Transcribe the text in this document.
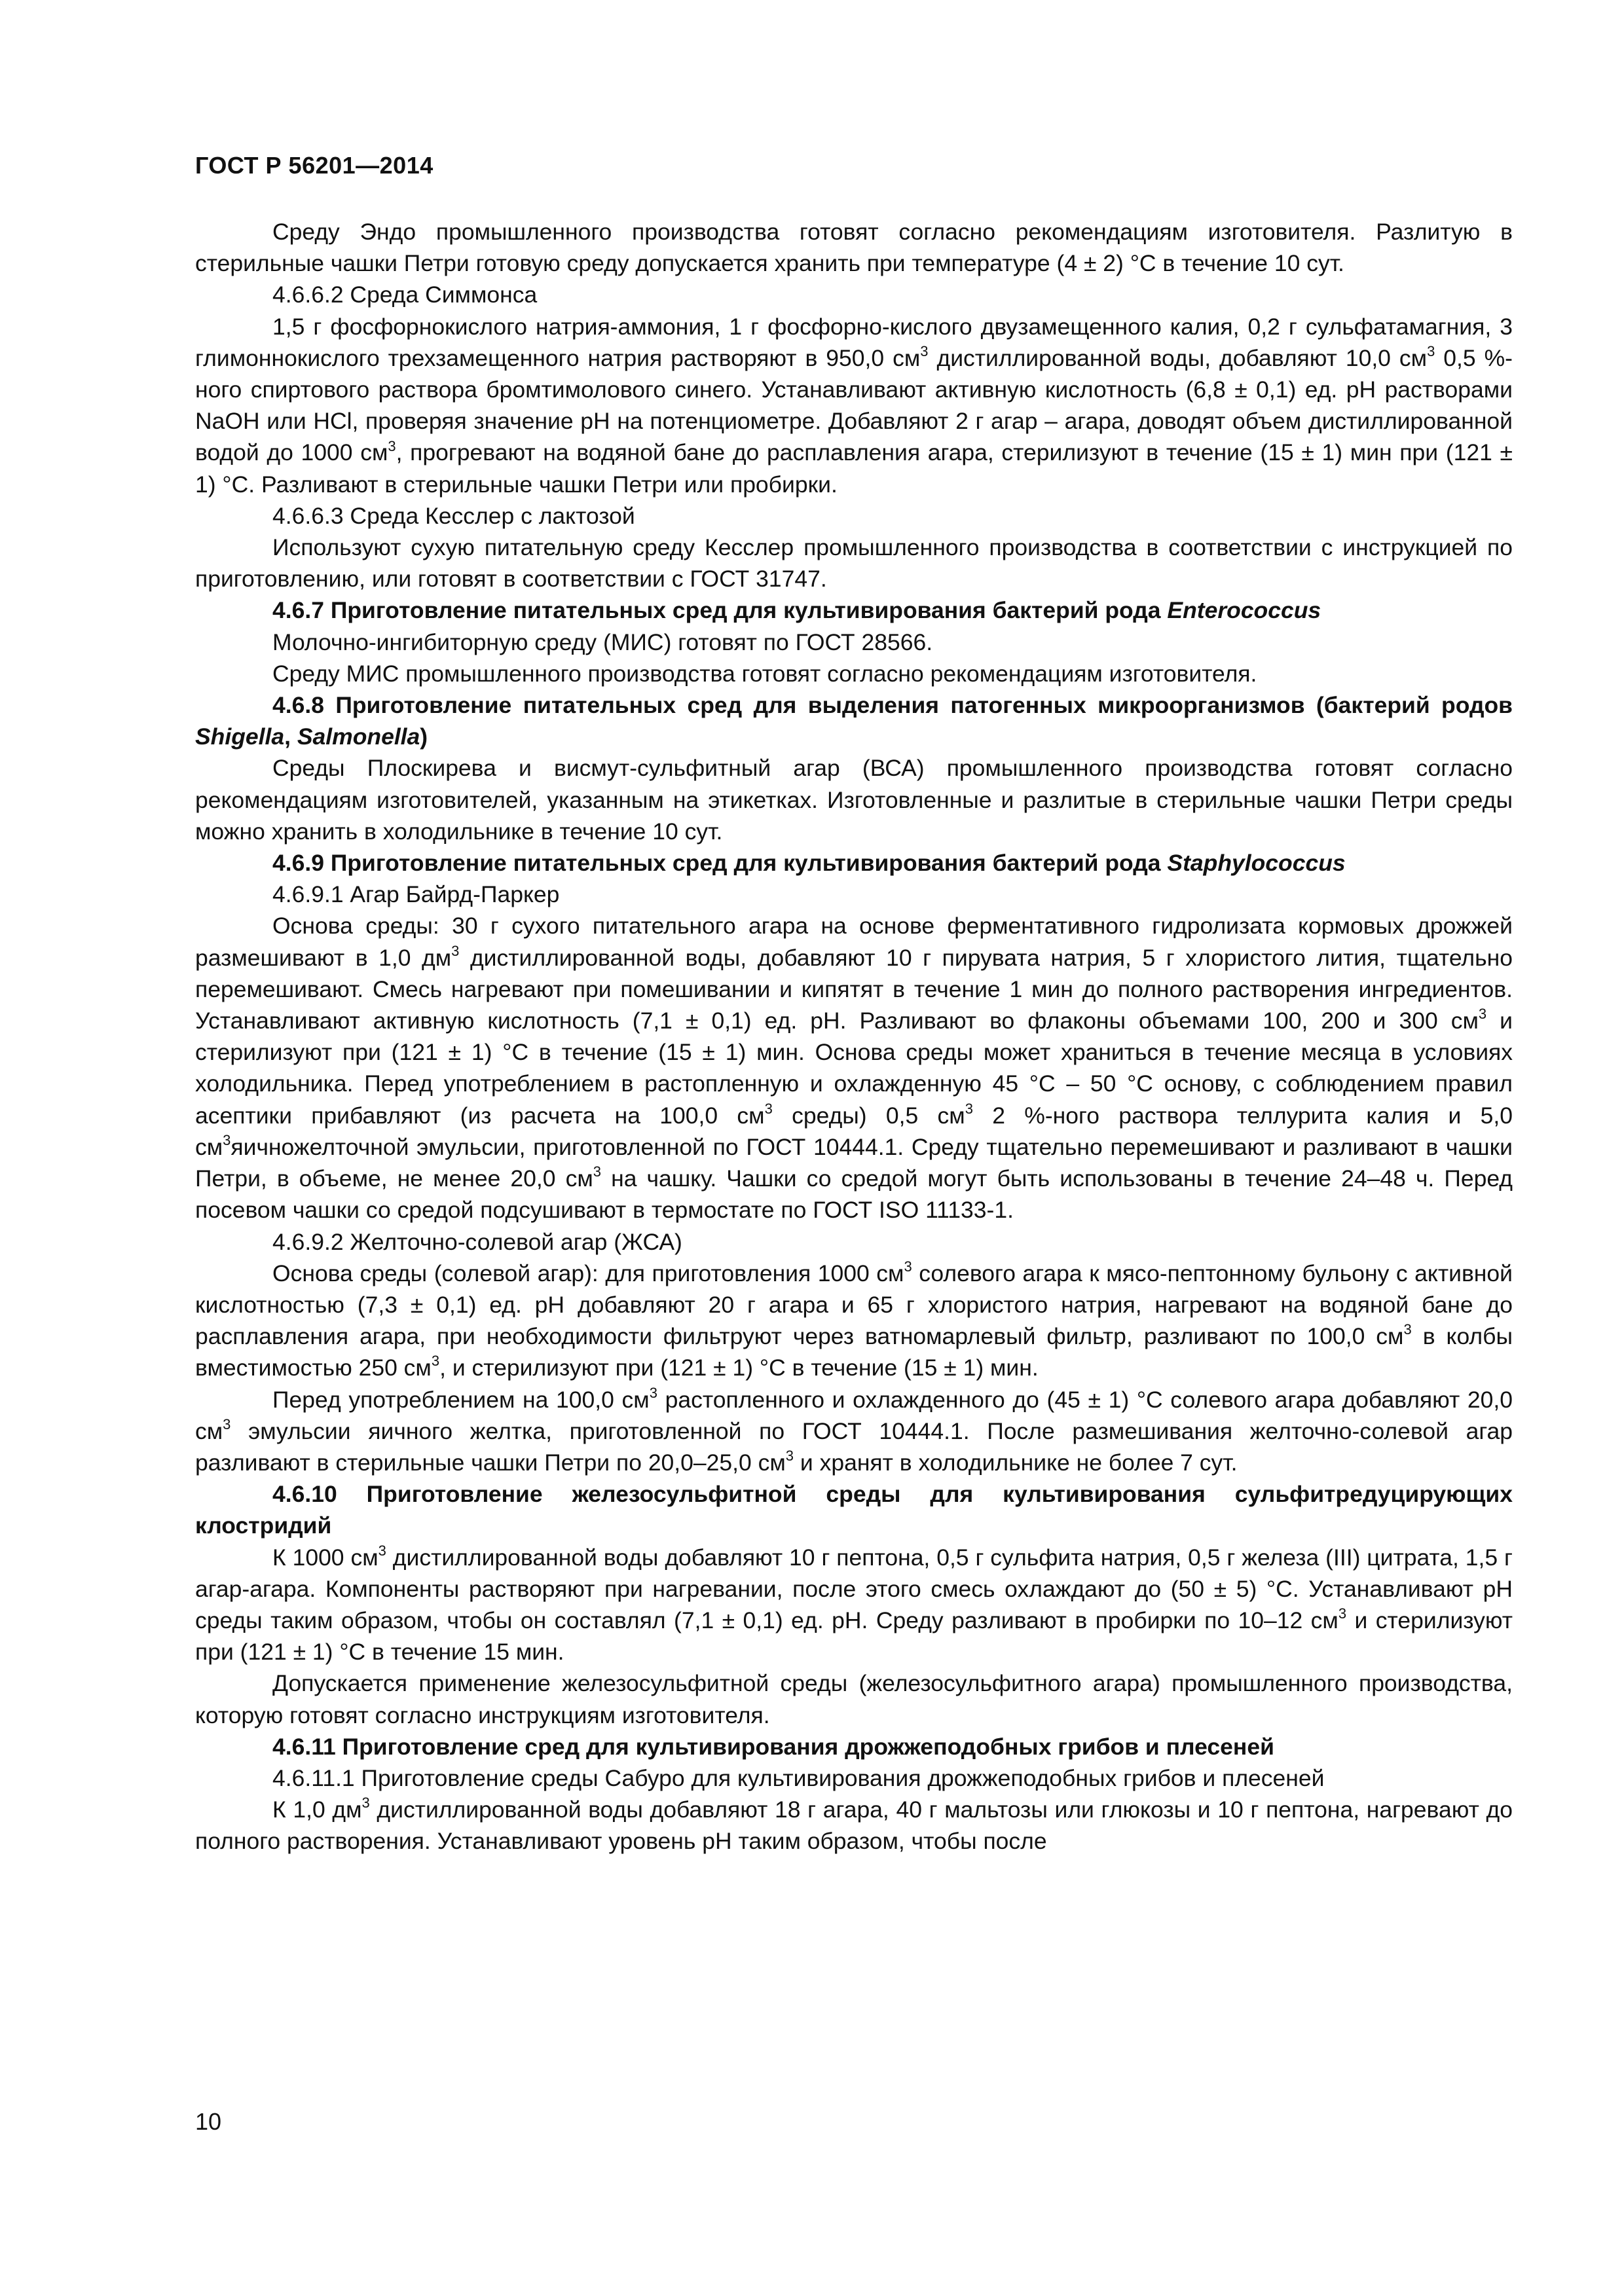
ГОСТ Р 56201—2014

Среду Эндо промышленного производства готовят согласно рекомендациям изготовителя. Разлитую в стерильные чашки Петри готовую среду допускается хранить при температуре (4 ± 2) °С в течение 10 сут.

4.6.6.2 Среда Симмонса

1,5 г фосфорнокислого натрия-аммония, 1 г фосфорно-кислого двузамещенного калия, 0,2 г сульфатамагния, 3 глимоннокислого трехзамещенного натрия растворяют в 950,0 $см^3$ дистиллированной воды, добавляют 10,0 $см^3$ 0,5 %-ного спиртового раствора бромтимолового синего. Устанавливают активную кислотность (6,8 ± 0,1) ед. pH растворами NaOH или HCl, проверяя значение pH на потенциометре. Добавляют 2 г агар – агара, доводят объем дистиллированной водой до 1000 $см^3$, прогревают на водяной бане до расплавления агара, стерилизуют в течение (15 ± 1) мин при (121 ± 1) °С. Разливают в стерильные чашки Петри или пробирки.

4.6.6.3 Среда Кесслер с лактозой

Используют сухую питательную среду Кесслер промышленного производства в соответствии с инструкцией по приготовлению, или готовят в соответствии с ГОСТ 31747.

4.6.7 Приготовление питательных сред для культивирования бактерий рода Enterococcus

Молочно-ингибиторную среду (МИС) готовят по ГОСТ 28566.

Среду МИС промышленного производства готовят согласно рекомендациям изготовителя.

4.6.8 Приготовление питательных сред для выделения патогенных микроорганизмов (бактерий родов Shigella, Salmonella)

Среды Плоскирева и висмут-сульфитный агар (ВСА) промышленного производства готовят согласно рекомендациям изготовителей, указанным на этикетках. Изготовленные и разлитые в стерильные чашки Петри среды можно хранить в холодильнике в течение 10 сут.

4.6.9 Приготовление питательных сред для культивирования бактерий рода Staphylococcus

4.6.9.1 Агар Байрд-Паркер

Основа среды: 30 г сухого питательного агара на основе ферментативного гидролизата кормовых дрожжей размешивают в 1,0 $дм^3$ дистиллированной воды, добавляют 10 г пирувата натрия, 5 г хлористого лития, тщательно перемешивают. Смесь нагревают при помешивании и кипятят в течение 1 мин до полного растворения ингредиентов. Устанавливают активную кислотность (7,1 ± 0,1) ед. pH. Разливают во флаконы объемами 100, 200 и 300 $см^3$ и стерилизуют при (121 ± 1) °С в течение (15 ± 1) мин. Основа среды может храниться в течение месяца в условиях холодильника. Перед употреблением в растопленную и охлажденную 45 °С – 50 °С основу, с соблюдением правил асептики прибавляют (из расчета на 100,0 $см^3$ среды) 0,5 $см^3$ 2 %-ного раствора теллурита калия и 5,0 $см^3яичножелточной$ эмульсии, приготовленной по ГОСТ 10444.1. Среду тщательно перемешивают и разливают в чашки Петри, в объеме, не менее 20,0 $см^3$ на чашку. Чашки со средой могут быть использованы в течение 24–48 ч. Перед посевом чашки со средой подсушивают в термостате по ГОСТ ISO 11133-1.

4.6.9.2 Желточно-солевой агар (ЖСА)

Основа среды (солевой агар): для приготовления 1000 $см^3$ солевого агара к мясо-пептонному бульону с активной кислотностью (7,3 ± 0,1) ед. pH добавляют 20 г агара и 65 г хлористого натрия, нагревают на водяной бане до расплавления агара, при необходимости фильтруют через ватномарлевый фильтр, разливают по 100,0 $см^3$ в колбы вместимостью 250 $см^3$, и стерилизуют при (121 ± 1) °С в течение (15 ± 1) мин.

Перед употреблением на 100,0 $см^3$ растопленного и охлажденного до (45 ± 1) °С солевого агара добавляют 20,0 $см^3$ эмульсии яичного желтка, приготовленной по ГОСТ 10444.1. После размешивания желточно-солевой агар разливают в стерильные чашки Петри по 20,0–25,0 $см^3$ и хранят в холодильнике не более 7 сут.

4.6.10 Приготовление железосульфитной среды для культивирования сульфитредуцирующих клостридий

К 1000 $см^3$ дистиллированной воды добавляют 10 г пептона, 0,5 г сульфита натрия, 0,5 г железа (III) цитрата, 1,5 г агар-агара. Компоненты растворяют при нагревании, после этого смесь охлаждают до (50 ± 5) °С. Устанавливают pH среды таким образом, чтобы он составлял (7,1 ± 0,1) ед. pH. Среду разливают в пробирки по 10–12 $см^3$ и стерилизуют при (121 ± 1) °С в течение 15 мин.

Допускается применение железосульфитной среды (железосульфитного агара) промышленного производства, которую готовят согласно инструкциям изготовителя.

4.6.11 Приготовление сред для культивирования дрожжеподобных грибов и плесеней

4.6.11.1 Приготовление среды Сабуро для культивирования дрожжеподобных грибов и плесеней

К 1,0 $дм^3$ дистиллированной воды добавляют 18 г агара, 40 г мальтозы или глюкозы и 10 г пептона, нагревают до полного растворения. Устанавливают уровень pH таким образом, чтобы после

10
